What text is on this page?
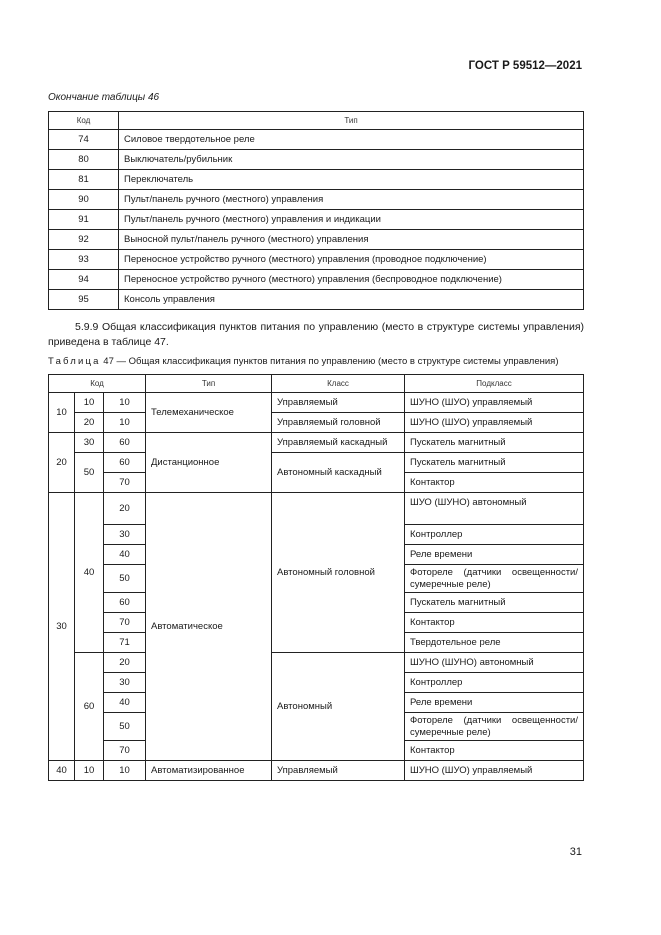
ГОСТ Р 59512—2021
Окончание таблицы 46
Код	Тип
74	Силовое твердотельное реле
80	Выключатель/рубильник
81	Переключатель
90	Пульт/панель ручного (местного) управления
91	Пульт/панель ручного (местного) управления и индикации
92	Выносной пульт/панель ручного (местного) управления
93	Переносное устройство ручного (местного) управления (проводное подключение)
94	Переносное устройство ручного (местного) управления (беспроводное подключение)
95	Консоль управления
5.9.9 Общая классификация пунктов питания по управлению (место в структуре системы управления) приведена в таблице 47.
Таблица 47 — Общая классификация пунктов питания по управлению (место в структуре системы управления)
Код			Тип	Класс	Подкласс
10	10	10	Телемеханическое	Управляемый	ШУНО (ШУО) управляемый
	20	10		Управляемый головной	ШУНО (ШУО) управляемый
20	30	60	Дистанционное	Управляемый каскадный	Пускатель магнитный
	50	60		Автономный каскадный	Пускатель магнитный
		70			Контактор
30	40	20	Автоматическое	Автономный головной	ШУО (ШУНО) автономный
		30			Контроллер
		40			Реле времени
		50			Фотореле (датчики освещенности/ сумеречные реле)
		60			Пускатель магнитный
		70			Контактор
		71			Твердотельное реле
	60	20		Автономный	ШУНО (ШУНО) автономный
		30			Контроллер
		40			Реле времени
		50			Фотореле (датчики освещенности/ сумеречные реле)
		70			Контактор
40	10	10	Автоматизированное	Управляемый	ШУНО (ШУО) управляемый
31
